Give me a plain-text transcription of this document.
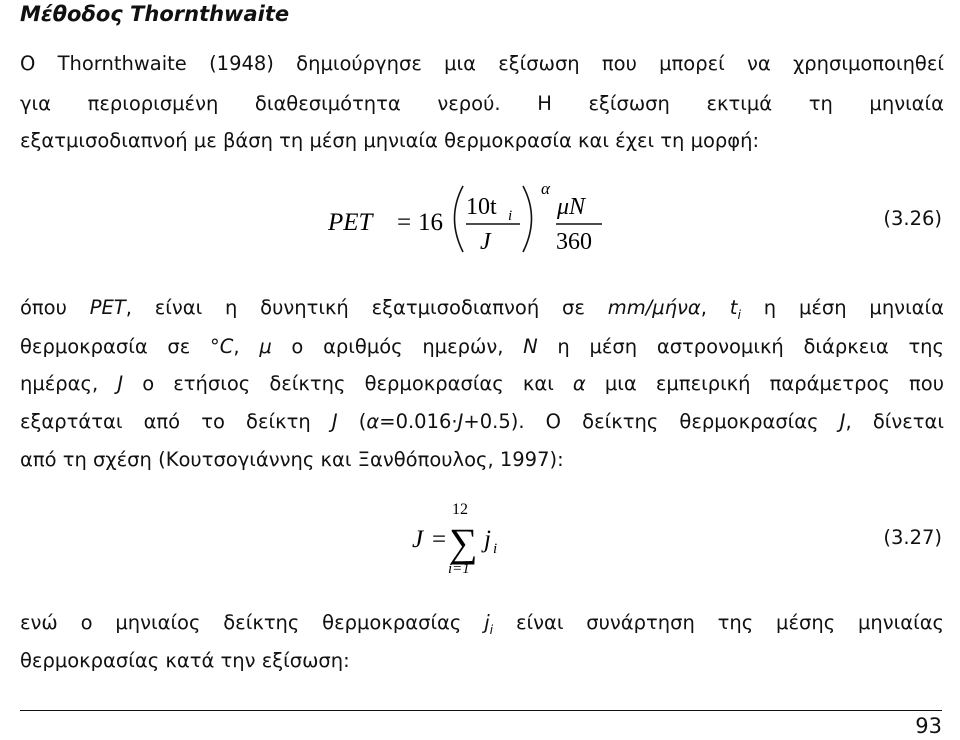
Μέθοδος Thornthwaite
Ο Thornthwaite (1948) δημιούργησε μια εξίσωση που μπορεί να χρησιμοποιηθεί
για περιορισμένη διαθεσιμότητα νερού. Η εξίσωση εκτιμά τη μηνιαία
εξατμισοδιαπνοή με βάση τη μέση μηνιαία θερμοκρασία και έχει τη μορφή:
PET = 16
10t i
J
α
μN
360
(3.26)
όπου PET, είναι η δυνητική εξατμισοδιαπνοή σε mm/μήνα, $t_i$ η μέση μηνιαία
θερμοκρασία σε °C, μ ο αριθμός ημερών, N η μέση αστρονομική διάρκεια της
ημέρας, J ο ετήσιος δείκτης θερμοκρασίας και α μια εμπειρική παράμετρος που
εξαρτάται από το δείκτη J (α=0.016·J+0.5). Ο δείκτης θερμοκρασίας J, δίνεται
από τη σχέση (Κουτσογιάννης και Ξανθόπουλος, 1997):
12
J = ∑ j i
i=1
(3.27)
ενώ ο μηνιαίος δείκτης θερμοκρασίας $j_i$ είναι συνάρτηση της μέσης μηνιαίας
θερμοκρασίας κατά την εξίσωση:
93
